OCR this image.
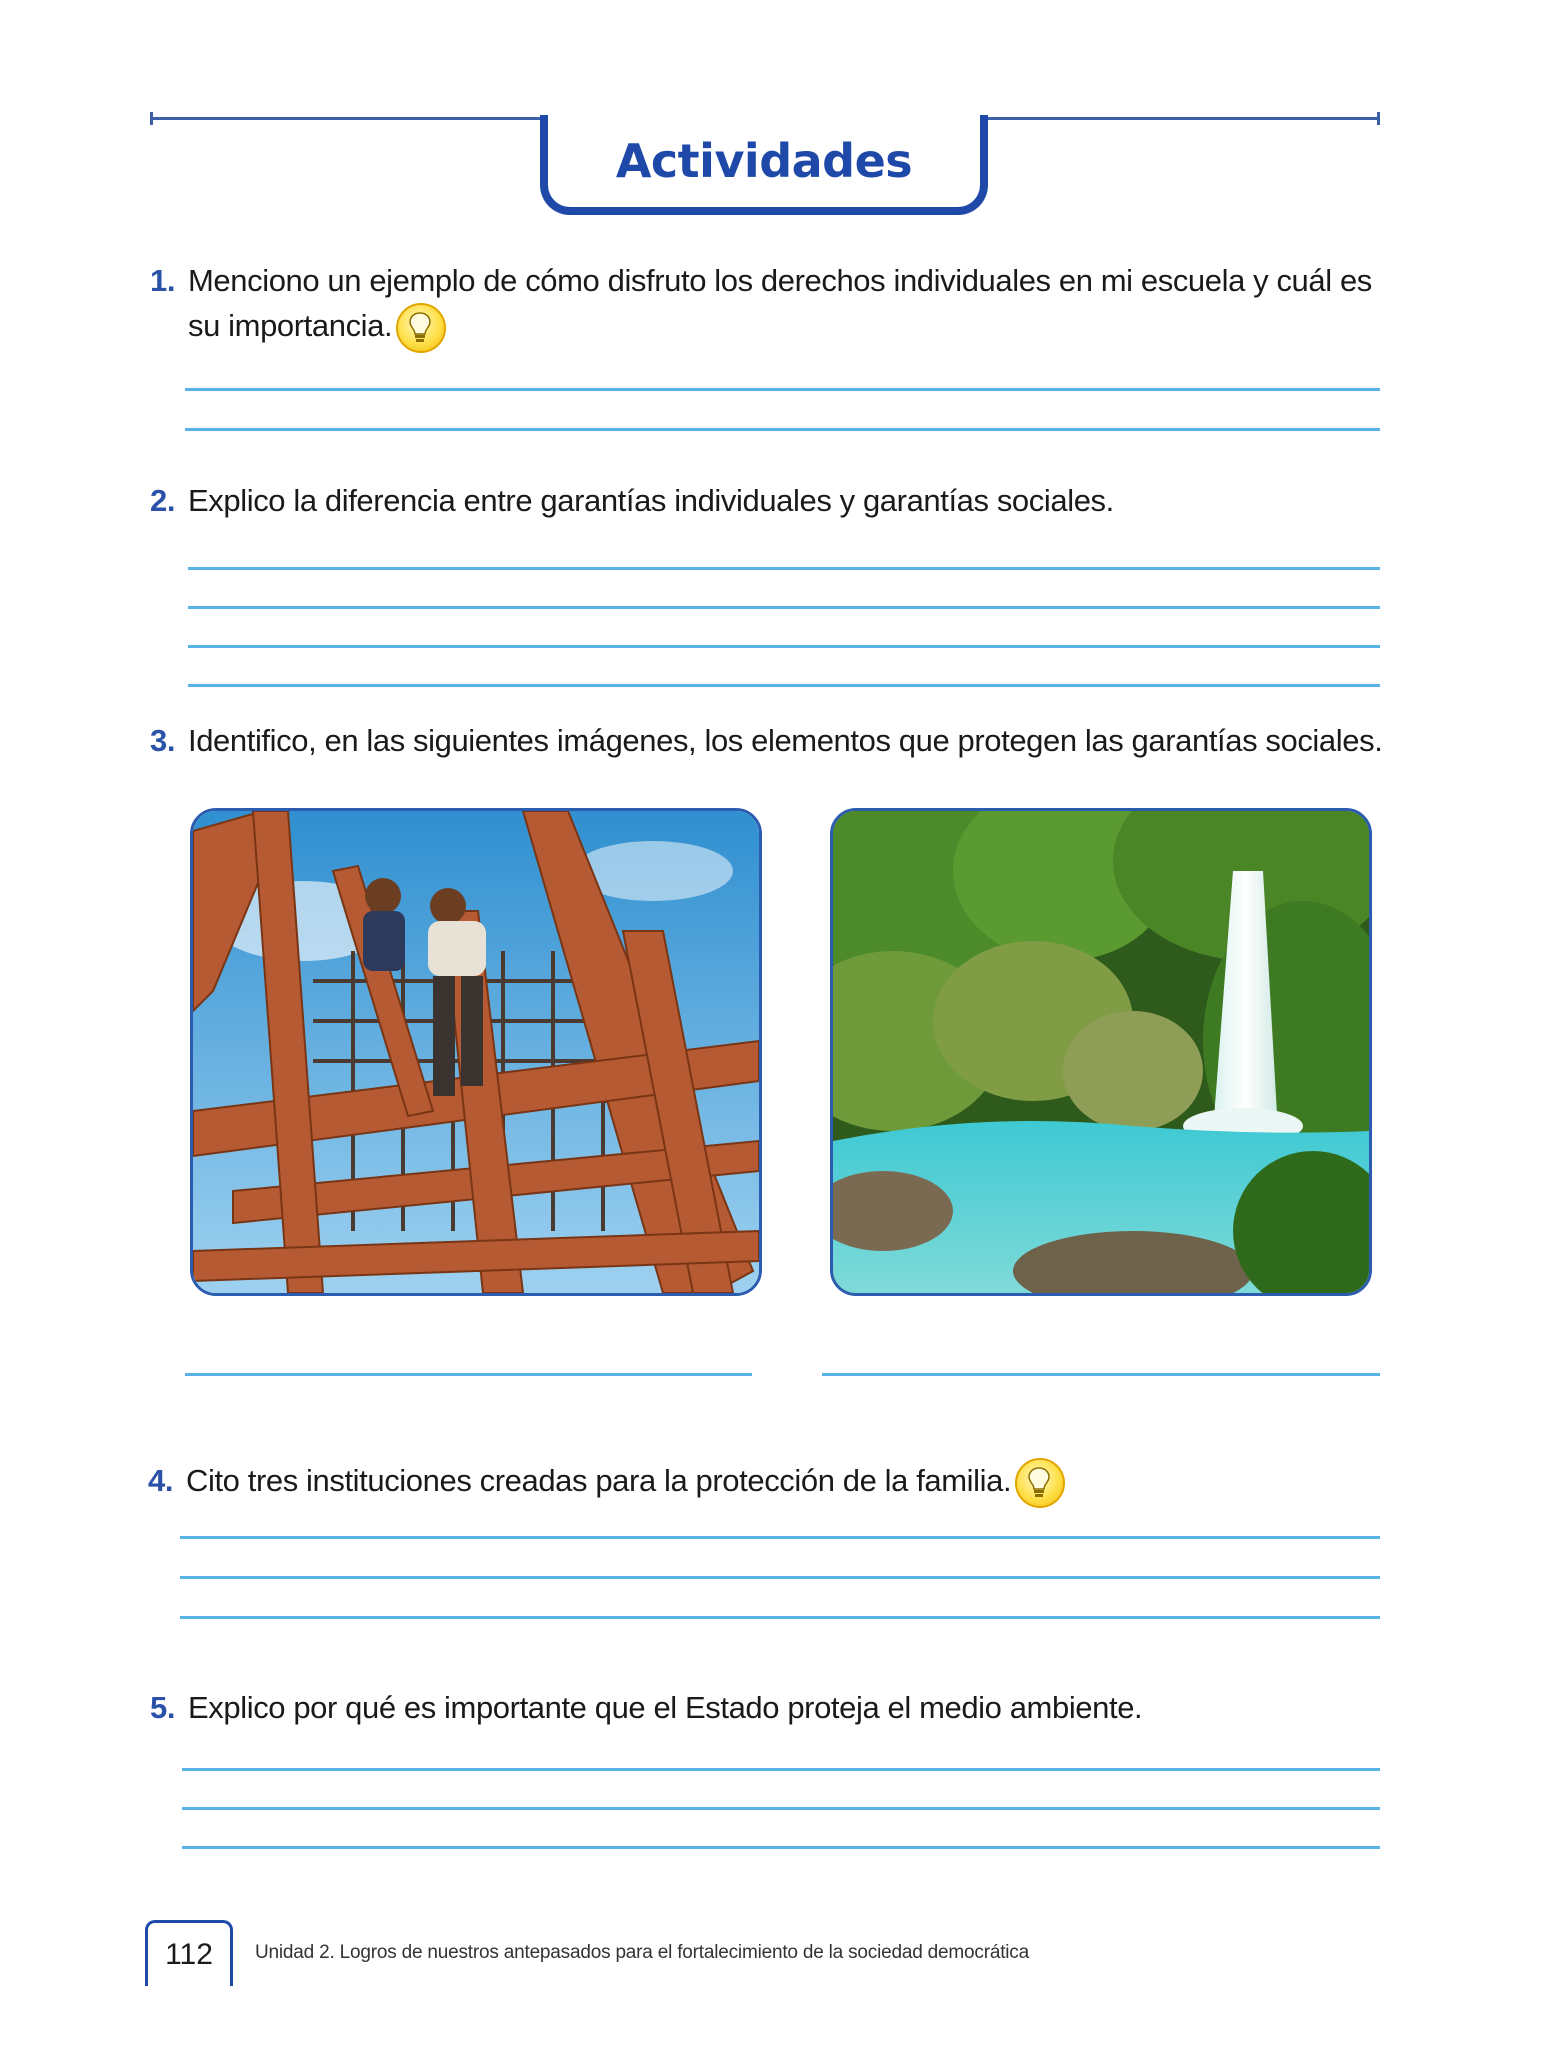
Actividades
1. Menciono un ejemplo de cómo disfruto los derechos individuales en mi escuela y cuál es su importancia.
2. Explico la diferencia entre garantías individuales y garantías sociales.
3. Identifico, en las siguientes imágenes, los elementos que protegen las garantías sociales.
4. Cito tres instituciones creadas para la protección de la familia.
5. Explico por qué es importante que el Estado proteja el medio ambiente.
112 Unidad 2. Logros de nuestros antepasados para el fortalecimiento de la sociedad democrática
